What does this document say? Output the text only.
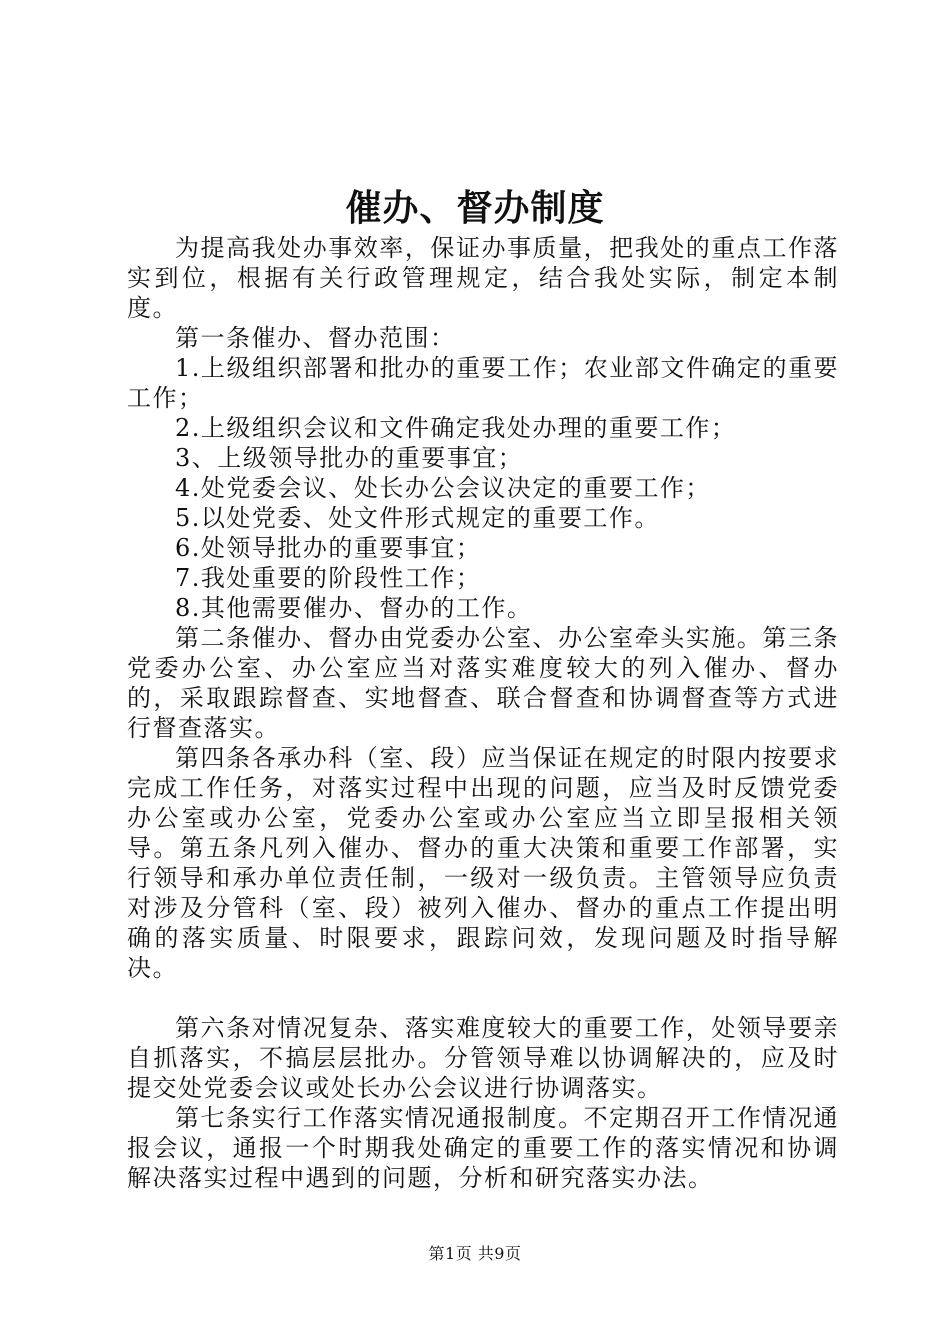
催办、督办制度

为提高我处办事效率，保证办事质量，把我处的重点工作落实到位，根据有关行政管理规定，结合我处实际，制定本制度。

第一条催办、督办范围：

1.上级组织部署和批办的重要工作；农业部文件确定的重要工作；

2.上级组织会议和文件确定我处办理的重要工作；

3、上级领导批办的重要事宜；

4.处党委会议、处长办公会议决定的重要工作；

5.以处党委、处文件形式规定的重要工作。

6.处领导批办的重要事宜；

7.我处重要的阶段性工作；

8.其他需要催办、督办的工作。

第二条催办、督办由党委办公室、办公室牵头实施。第三条党委办公室、办公室应当对落实难度较大的列入催办、督办的，采取跟踪督查、实地督查、联合督查和协调督查等方式进行督查落实。

第四条各承办科（室、段）应当保证在规定的时限内按要求完成工作任务，对落实过程中出现的问题，应当及时反馈党委办公室或办公室，党委办公室或办公室应当立即呈报相关领导。第五条凡列入催办、督办的重大决策和重要工作部署，实行领导和承办单位责任制，一级对一级负责。主管领导应负责对涉及分管科（室、段）被列入催办、督办的重点工作提出明确的落实质量、时限要求，跟踪问效，发现问题及时指导解决。

第六条对情况复杂、落实难度较大的重要工作，处领导要亲自抓落实，不搞层层批办。分管领导难以协调解决的，应及时提交处党委会议或处长办公会议进行协调落实。

第七条实行工作落实情况通报制度。不定期召开工作情况通报会议，通报一个时期我处确定的重要工作的落实情况和协调解决落实过程中遇到的问题，分析和研究落实办法。

第1页 共9页
